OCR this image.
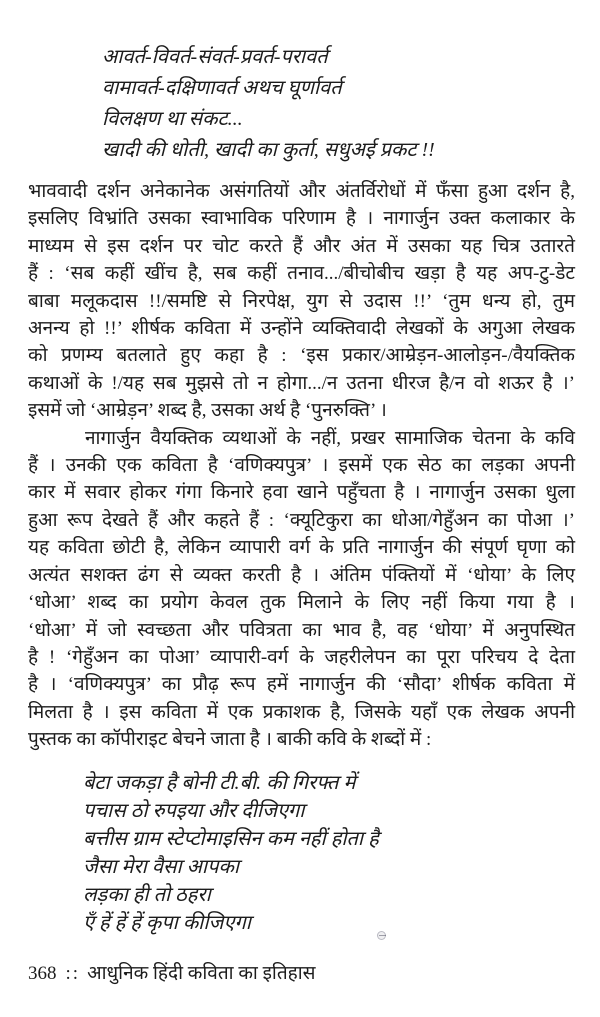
आवर्त-विवर्त-संवर्त-प्रवर्त-परावर्त
वामावर्त-दक्षिणावर्त अथच घूर्णावर्त
विलक्षण था संकट...
खादी की धोती, खादी का कुर्ता, सधुअई प्रकट !!
भाववादी दर्शन अनेकानेक असंगतियों और अंतर्विरोधों में फँसा हुआ दर्शन है,
इसलिए विभ्रांति उसका स्वाभाविक परिणाम है । नागार्जुन उक्त कलाकार के
माध्यम से इस दर्शन पर चोट करते हैं और अंत में उसका यह चित्र उतारते
हैं : ‘सब कहीं खींच है, सब कहीं तनाव.../बीचोबीच खड़ा है यह अप-टु-डेट
बाबा मलूकदास !!/समष्टि से निरपेक्ष, युग से उदास !!’ ‘तुम धन्य हो, तुम
अनन्य हो !!’ शीर्षक कविता में उन्होंने व्यक्तिवादी लेखकों के अगुआ लेखक
को प्रणम्य बतलाते हुए कहा है : ‘इस प्रकार/आम्रेड़न-आलोड़न-/वैयक्तिक
कथाओं के !/यह सब मुझसे तो न होगा.../न उतना धीरज है/न वो शऊर है ।’
इसमें जो ‘आम्रेड़न’ शब्द है, उसका अर्थ है ‘पुनरुक्ति’ ।
नागार्जुन वैयक्तिक व्यथाओं के नहीं, प्रखर सामाजिक चेतना के कवि
हैं । उनकी एक कविता है ‘वणिक्यपुत्र’ । इसमें एक सेठ का लड़का अपनी
कार में सवार होकर गंगा किनारे हवा खाने पहुँचता है । नागार्जुन उसका धुला
हुआ रूप देखते हैं और कहते हैं : ‘क्यूटिकुरा का धोआ/गेहुँअन का पोआ ।’
यह कविता छोटी है, लेकिन व्यापारी वर्ग के प्रति नागार्जुन की संपूर्ण घृणा को
अत्यंत सशक्त ढंग से व्यक्त करती है । अंतिम पंक्तियों में ‘धोया’ के लिए
‘धोआ’ शब्द का प्रयोग केवल तुक मिलाने के लिए नहीं किया गया है ।
‘धोआ’ में जो स्वच्छता और पवित्रता का भाव है, वह ‘धोया’ में अनुपस्थित
है ! ‘गेहुँअन का पोआ’ व्यापारी-वर्ग के जहरीलेपन का पूरा परिचय दे देता
है । ‘वणिक्यपुत्र’ का प्रौढ़ रूप हमें नागार्जुन की ‘सौदा’ शीर्षक कविता में
मिलता है । इस कविता में एक प्रकाशक है, जिसके यहाँ एक लेखक अपनी
पुस्तक का कॉपीराइट बेचने जाता है । बाकी कवि के शब्दों में :
बेटा जकड़ा है बोनी टी.बी. की गिरफ्त में
पचास ठो रुपइया और दीजिएगा
बत्तीस ग्राम स्टेप्टोमाइसिन कम नहीं होता है
जैसा मेरा वैसा आपका
लड़का ही तो ठहरा
एँ हें हें हें कृपा कीजिएगा
368 :: आधुनिक हिंदी कविता का इतिहास
